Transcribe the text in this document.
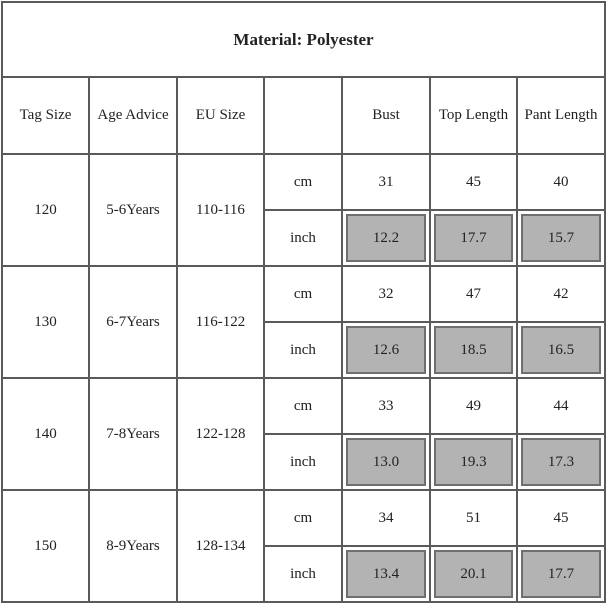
Material: Polyester						
Tag Size	Age Advice	EU Size		Bust	Top Length	Pant Length
120	5-6Years	110-116	cm	31	45	40
			inch	12.2	17.7	15.7

130	6-7Years	116-122	cm	32	47	42
			inch	12.6	18.5	16.5

140	7-8Years	122-128	cm	33	49	44
			inch	13.0	19.3	17.3

150	8-9Years	128-134	cm	34	51	45
			inch	13.4	20.1	17.7
